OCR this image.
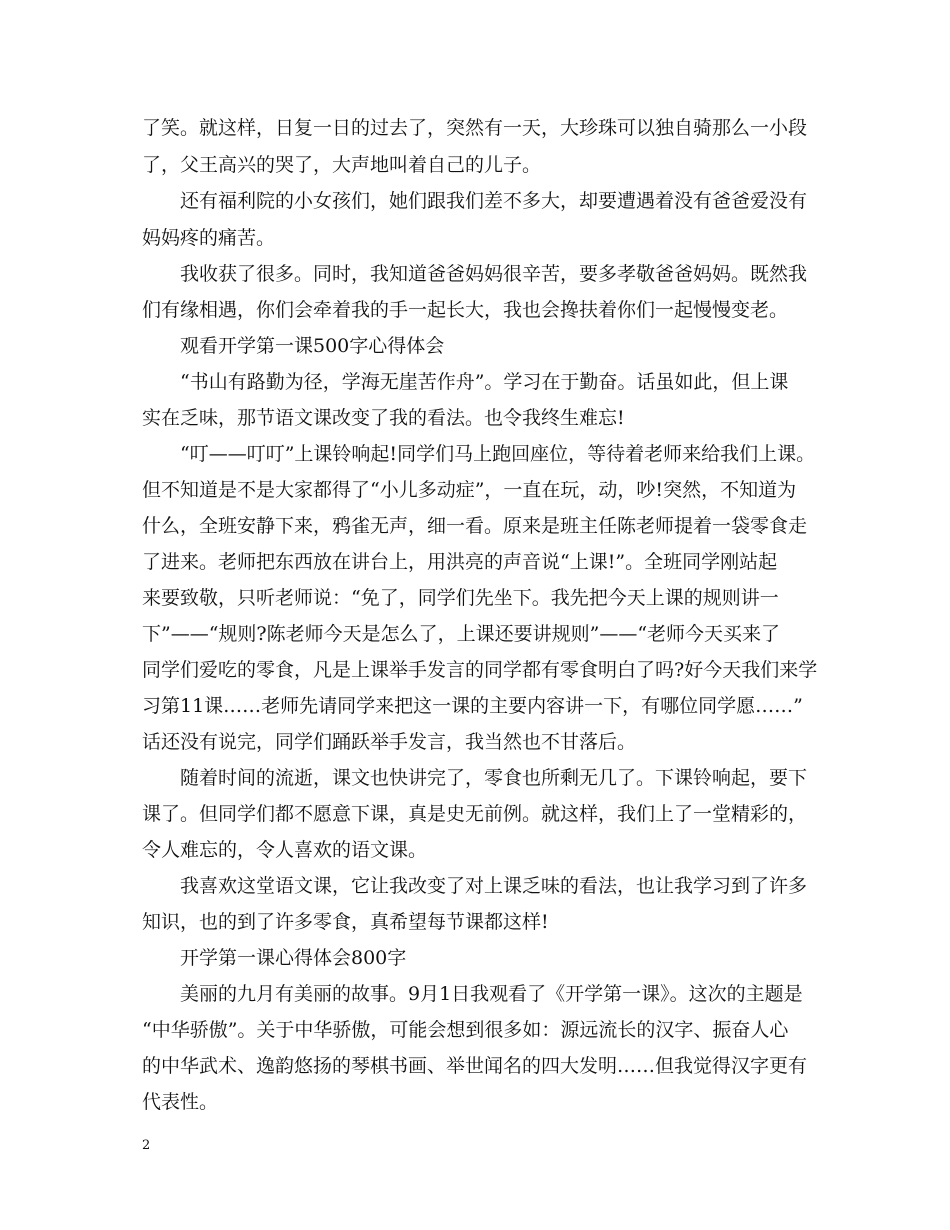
了笑。就这样，日复一日的过去了，突然有一天，大珍珠可以独自骑那么一小段
了，父王高兴的哭了，大声地叫着自己的儿子。
还有福利院的小女孩们，她们跟我们差不多大，却要遭遇着没有爸爸爱没有
妈妈疼的痛苦。
我收获了很多。同时，我知道爸爸妈妈很辛苦，要多孝敬爸爸妈妈。既然我
们有缘相遇，你们会牵着我的手一起长大，我也会搀扶着你们一起慢慢变老。
观看开学第一课500字心得体会
“书山有路勤为径，学海无崖苦作舟”。学习在于勤奋。话虽如此，但上课
实在乏味，那节语文课改变了我的看法。也令我终生难忘!
“叮——叮叮”上课铃响起!同学们马上跑回座位，等待着老师来给我们上课。
但不知道是不是大家都得了“小儿多动症”，一直在玩，动，吵!突然，不知道为
什么，全班安静下来，鸦雀无声，细一看。原来是班主任陈老师提着一袋零食走
了进来。老师把东西放在讲台上，用洪亮的声音说“上课!”。全班同学刚站起
来要致敬，只听老师说：“免了，同学们先坐下。我先把今天上课的规则讲一
下”——“规则?陈老师今天是怎么了，上课还要讲规则”——“老师今天买来了
同学们爱吃的零食，凡是上课举手发言的同学都有零食明白了吗?好今天我们来学
习第11课……老师先请同学来把这一课的主要内容讲一下，有哪位同学愿……”
话还没有说完，同学们踊跃举手发言，我当然也不甘落后。
随着时间的流逝，课文也快讲完了，零食也所剩无几了。下课铃响起，要下
课了。但同学们都不愿意下课，真是史无前例。就这样，我们上了一堂精彩的，
令人难忘的，令人喜欢的语文课。
我喜欢这堂语文课，它让我改变了对上课乏味的看法，也让我学习到了许多
知识，也的到了许多零食，真希望每节课都这样!
开学第一课心得体会800字
美丽的九月有美丽的故事。9月1日我观看了《开学第一课》。这次的主题是
“中华骄傲”。关于中华骄傲，可能会想到很多如：源远流长的汉字、振奋人心
的中华武术、逸韵悠扬的琴棋书画、举世闻名的四大发明……但我觉得汉字更有
代表性。
2
